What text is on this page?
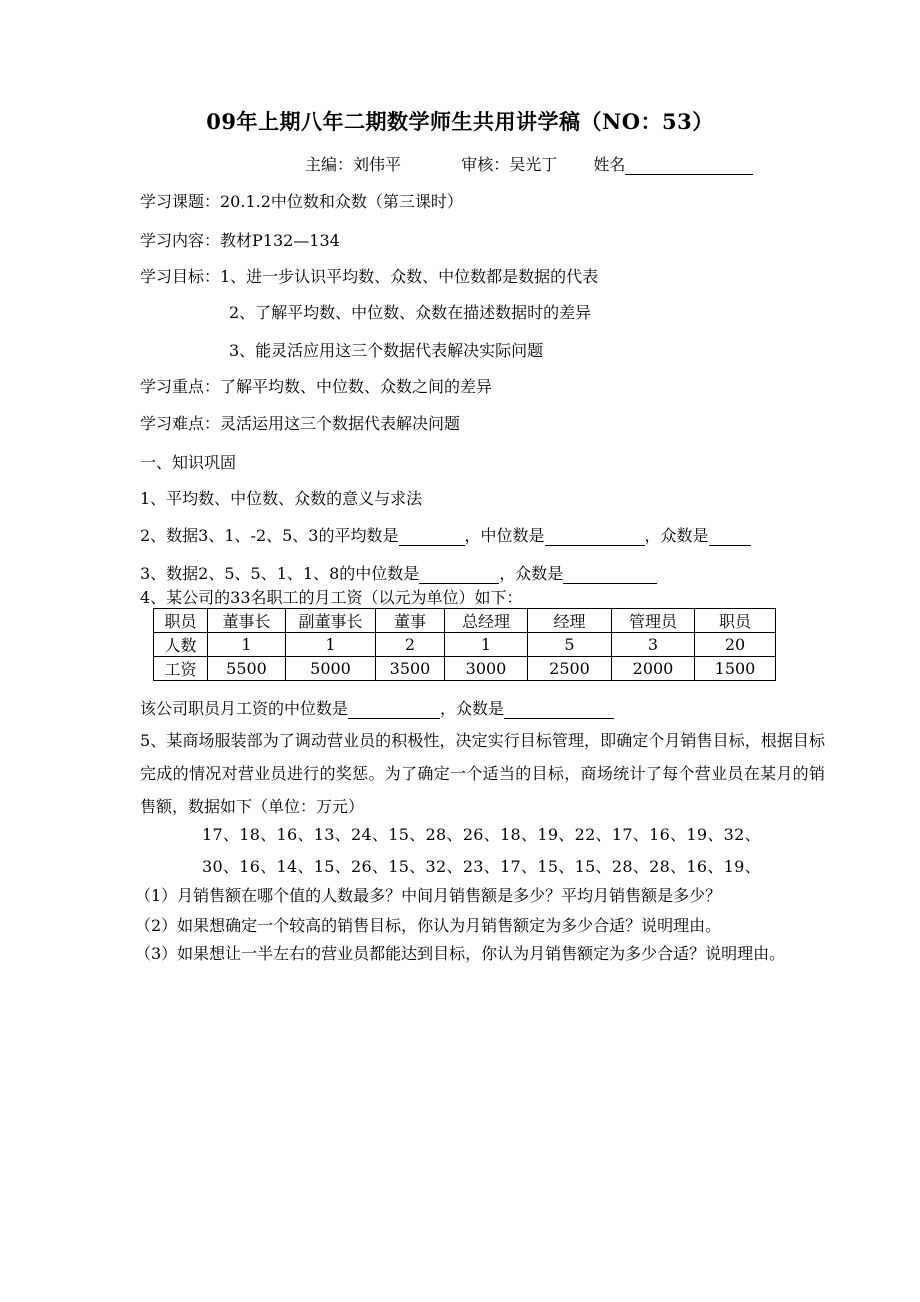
09年上期八年二期数学师生共用讲学稿（NO：53）
主编：刘伟平	审核：吴光丁 姓名
学习课题：20.1.2中位数和众数（第三课时）
学习内容：教材P132—134
学习目标：1、进一步认识平均数、众数、中位数都是数据的代表
2、了解平均数、中位数、众数在描述数据时的差异
3、能灵活应用这三个数据代表解决实际问题
学习重点：了解平均数、中位数、众数之间的差异
学习难点：灵活运用这三个数据代表解决问题
一、知识巩固
1、平均数、中位数、众数的意义与求法
2、数据3、1、-2、5、3的平均数是	，中位数是	，众数是
3、数据2、5、5、1、1、8的中位数是	，众数是
4、某公司的33名职工的月工资（以元为单位）如下：
职员	董事长	副董事长	董事	总经理	经理	管理员	职员
人数	1	1	2	1	5	3	20
工资	5500	5000	3500	3000	2500	2000	1500
该公司职员月工资的中位数是	，众数是
5、某商场服装部为了调动营业员的积极性，决定实行目标管理，即确定个月销售目标，根据目标完成的情况对营业员进行的奖惩。为了确定一个适当的目标，商场统计了每个营业员在某月的销售额，数据如下（单位：万元）
17、18、16、13、24、15、28、26、18、19、22、17、16、19、32、
30、16、14、15、26、15、32、23、17、15、15、28、28、16、19、
（1）月销售额在哪个值的人数最多？中间月销售额是多少？平均月销售额是多少？
（2）如果想确定一个较高的销售目标，你认为月销售额定为多少合适？说明理由。
（3）如果想让一半左右的营业员都能达到目标，你认为月销售额定为多少合适？说明理由。
